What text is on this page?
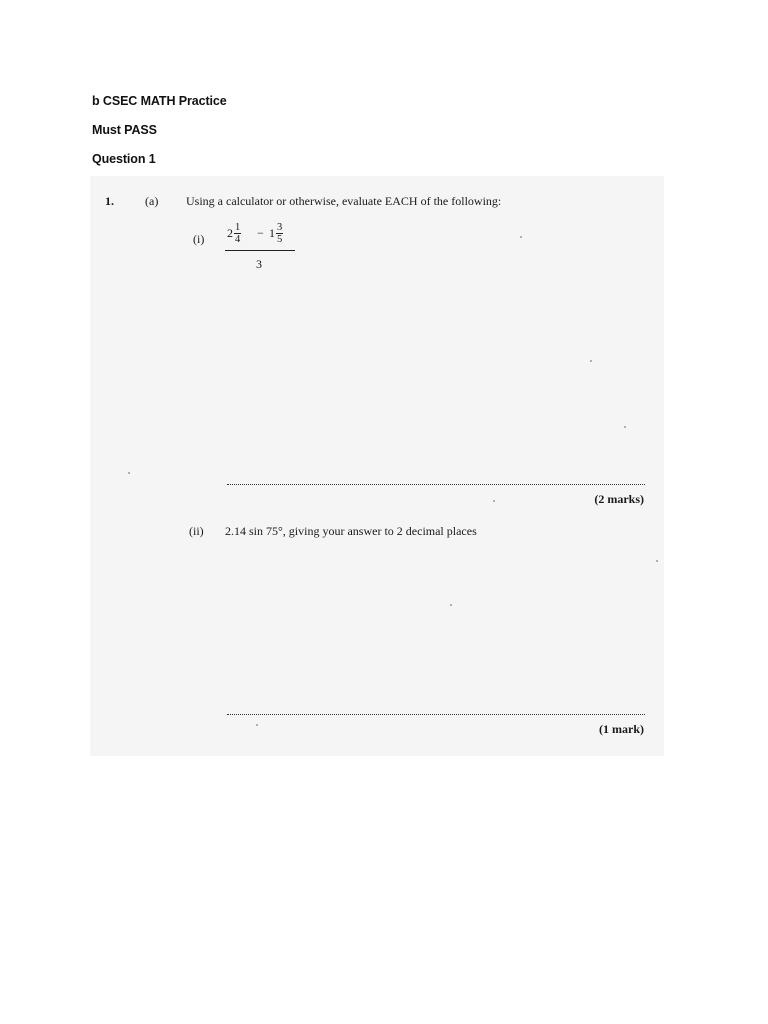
b CSEC MATH Practice
Must PASS
Question 1
1.	(a) Using a calculator or otherwise, evaluate EACH of the following:
(i) $2 \frac{1}{4} - 1 \frac{3}{5}$
3
(2 marks)
(ii) 2.14 sin 75°, giving your answer to 2 decimal places
(1 mark)
